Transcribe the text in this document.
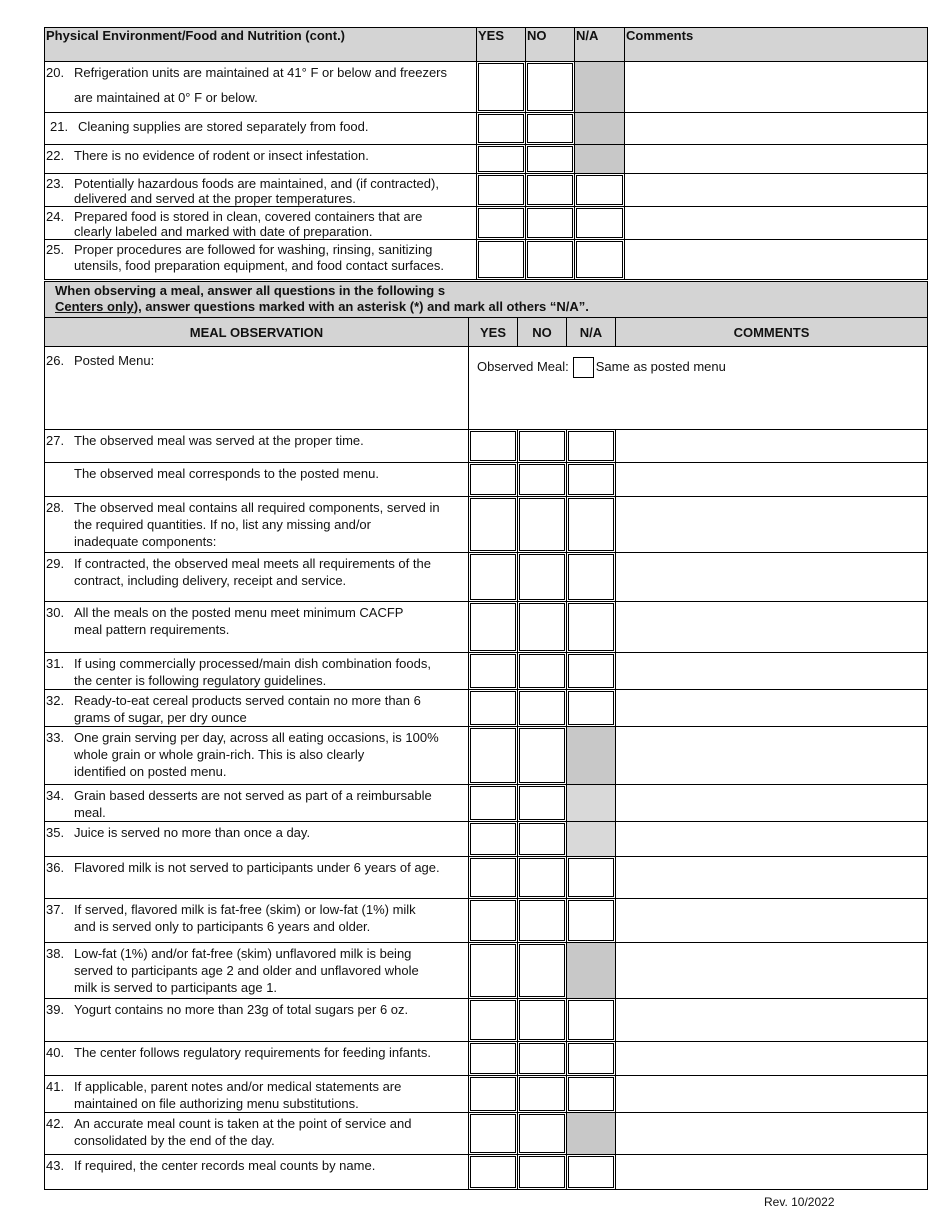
Physical Environment/Food and Nutrition (cont.)	YES	NO	N/A	Comments

20. Refrigeration units are maintained at 41° F or below and freezers
are maintained at 0° F or below.				

21. Cleaning supplies are stored separately from food.				

22. There is no evidence of rodent or insect infestation.				

23. Potentially hazardous foods are maintained, and (if contracted),
delivered and served at the proper temperatures.				

24. Prepared food is stored in clean, covered containers that are
clearly labeled and marked with date of preparation.				

25. Proper procedures are followed for washing, rinsing, sanitizing
utensils, food preparation equipment, and food contact surfaces.				

When observing a meal, answer all questions in the following s
Centers only), answer questions marked with an asterisk (*) and mark all others “N/A”.				

MEAL OBSERVATION	YES	NO	N/A	COMMENTS

26. Posted Menu:	Observed Meal: Same as posted menu			

27. The observed meal was served at the proper time.				

The observed meal corresponds to the posted menu.				

28. The observed meal contains all required components, served in
the required quantities. If no, list any missing and/or
inadequate components:				

29. If contracted, the observed meal meets all requirements of the
contract, including delivery, receipt and service.				

30. All the meals on the posted menu meet minimum CACFP
meal pattern requirements.				

31. If using commercially processed/main dish combination foods,
the center is following regulatory guidelines.				

32. Ready-to-eat cereal products served contain no more than 6
grams of sugar, per dry ounce				

33. One grain serving per day, across all eating occasions, is 100%
whole grain or whole grain-rich. This is also clearly
identified on posted menu.				

34. Grain based desserts are not served as part of a reimbursable
meal.				

35. Juice is served no more than once a day.				

36. Flavored milk is not served to participants under 6 years of age.				

37. If served, flavored milk is fat-free (skim) or low-fat (1%) milk
and is served only to participants 6 years and older.				

38. Low-fat (1%) and/or fat-free (skim) unflavored milk is being
served to participants age 2 and older and unflavored whole
milk is served to participants age 1.				

39. Yogurt contains no more than 23g of total sugars per 6 oz.				

40. The center follows regulatory requirements for feeding infants.				

41. If applicable, parent notes and/or medical statements are
maintained on file authorizing menu substitutions.				

42. An accurate meal count is taken at the point of service and
consolidated by the end of the day.				

43. If required, the center records meal counts by name.				

Rev. 10/2022
